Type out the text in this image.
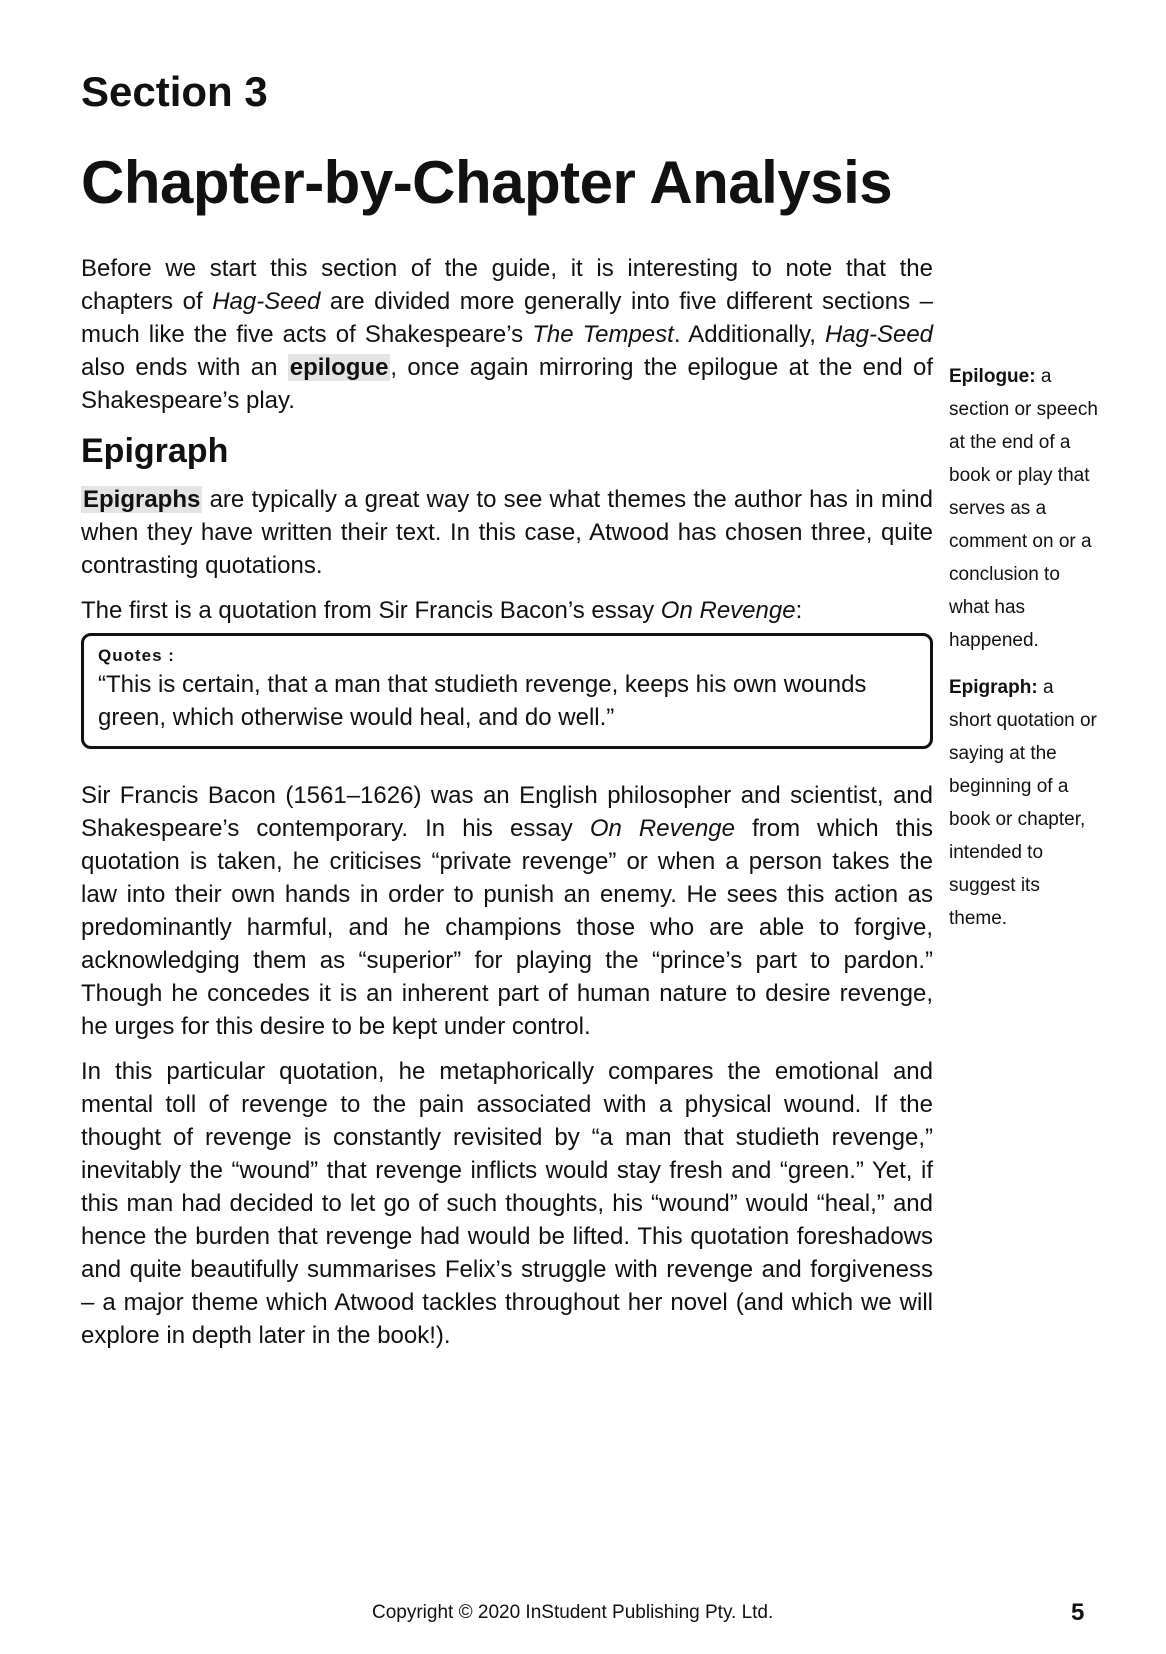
Section 3
Chapter-by-Chapter Analysis

Before we start this section of the guide, it is interesting to note that the chapters of Hag-Seed are divided more generally into five different sections – much like the five acts of Shakespeare’s The Tempest. Additionally, Hag-Seed also ends with an epilogue, once again mirroring the epilogue at the end of Shakespeare’s play.

Epigraph

Epigraphs are typically a great way to see what themes the author has in mind when they have written their text. In this case, Atwood has chosen three, quite contrasting quotations.

The first is a quotation from Sir Francis Bacon’s essay On Revenge:

Quotes :

“This is certain, that a man that studieth revenge, keeps his own wounds green, which otherwise would heal, and do well.”

Sir Francis Bacon (1561–1626) was an English philosopher and scientist, and Shakespeare’s contemporary. In his essay On Revenge from which this quotation is taken, he criticises “private revenge” or when a person takes the law into their own hands in order to punish an enemy. He sees this action as predominantly harmful, and he champions those who are able to forgive, acknowledging them as “superior” for playing the “prince’s part to pardon.” Though he concedes it is an inherent part of human nature to desire revenge, he urges for this desire to be kept under control.

In this particular quotation, he metaphorically compares the emotional and mental toll of revenge to the pain associated with a physical wound. If the thought of revenge is constantly revisited by “a man that studieth revenge,” inevitably the “wound” that revenge inflicts would stay fresh and “green.” Yet, if this man had decided to let go of such thoughts, his “wound” would “heal,” and hence the burden that revenge had would be lifted. This quotation foreshadows and quite beautifully summarises Felix’s struggle with revenge and forgiveness – a major theme which Atwood tackles throughout her novel (and which we will explore in depth later in the book!).

Epilogue: a section or speech at the end of a book or play that serves as a comment on or a conclusion to what has happened.

Epigraph: a short quotation or saying at the beginning of a book or chapter, intended to suggest its theme.

Copyright © 2020 InStudent Publishing Pty. Ltd.	5
